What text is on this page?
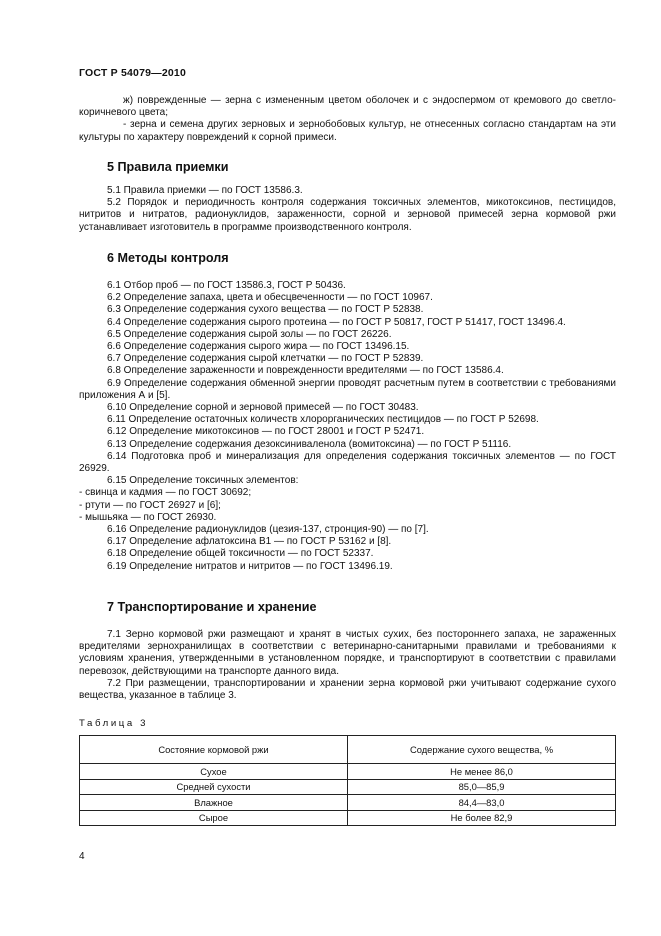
ГОСТ Р 54079—2010

ж) поврежденные — зерна с измененным цветом оболочек и с эндоспермом от кремового до светло-коричневого цвета;

- зерна и семена других зерновых и зернобобовых культур, не отнесенных согласно стандартам на эти культуры по характеру повреждений к сорной примеси.

5 Правила приемки

5.1 Правила приемки — по ГОСТ 13586.3.

5.2 Порядок и периодичность контроля содержания токсичных элементов, микотоксинов, пестицидов, нитритов и нитратов, радионуклидов, зараженности, сорной и зерновой примесей зерна кормовой ржи устанавливает изготовитель в программе производственного контроля.

6 Методы контроля

6.1 Отбор проб — по ГОСТ 13586.3, ГОСТ Р 50436.

6.2 Определение запаха, цвета и обесцвеченности — по ГОСТ 10967.

6.3 Определение содержания сухого вещества — по ГОСТ Р 52838.

6.4 Определение содержания сырого протеина — по ГОСТ Р 50817, ГОСТ Р 51417, ГОСТ 13496.4.

6.5 Определение содержания сырой золы — по ГОСТ 26226.

6.6 Определение содержания сырого жира — по ГОСТ 13496.15.

6.7 Определение содержания сырой клетчатки — по ГОСТ Р 52839.

6.8 Определение зараженности и поврежденности вредителями — по ГОСТ 13586.4.

6.9 Определение содержания обменной энергии проводят расчетным путем в соответствии с требованиями приложения А и [5].

6.10 Определение сорной и зерновой примесей — по ГОСТ 30483.

6.11 Определение остаточных количеств хлорорганических пестицидов — по ГОСТ Р 52698.

6.12 Определение микотоксинов — по ГОСТ 28001 и ГОСТ Р 52471.

6.13 Определение содержания дезоксиниваленола (вомитоксина) — по ГОСТ Р 51116.

6.14 Подготовка проб и минерализация для определения содержания токсичных элементов — по ГОСТ 26929.

6.15 Определение токсичных элементов:

- свинца и кадмия — по ГОСТ 30692;

- ртути — по ГОСТ 26927 и [6];

- мышьяка — по ГОСТ 26930.

6.16 Определение радионуклидов (цезия-137, стронция-90) — по [7].

6.17 Определение афлатоксина В1 — по ГОСТ Р 53162 и [8].

6.18 Определение общей токсичности — по ГОСТ 52337.

6.19 Определение нитратов и нитритов — по ГОСТ 13496.19.

7 Транспортирование и хранение

7.1 Зерно кормовой ржи размещают и хранят в чистых сухих, без постороннего запаха, не зараженных вредителями зернохранилищах в соответствии с ветеринарно-санитарными правилами и требованиями к условиям хранения, утвержденными в установленном порядке, и транспортируют в соответствии с правилами перевозок, действующими на транспорте данного вида.

7.2 При размещении, транспортировании и хранении зерна кормовой ржи учитывают содержание сухого вещества, указанное в таблице 3.

Таблица 3
Состояние кормовой ржи	Содержание сухого вещества, %
Сухое	Не менее 86,0
Средней сухости	85,0—85,9
Влажное	84,4—83,0
Сырое	Не более 82,9
4
